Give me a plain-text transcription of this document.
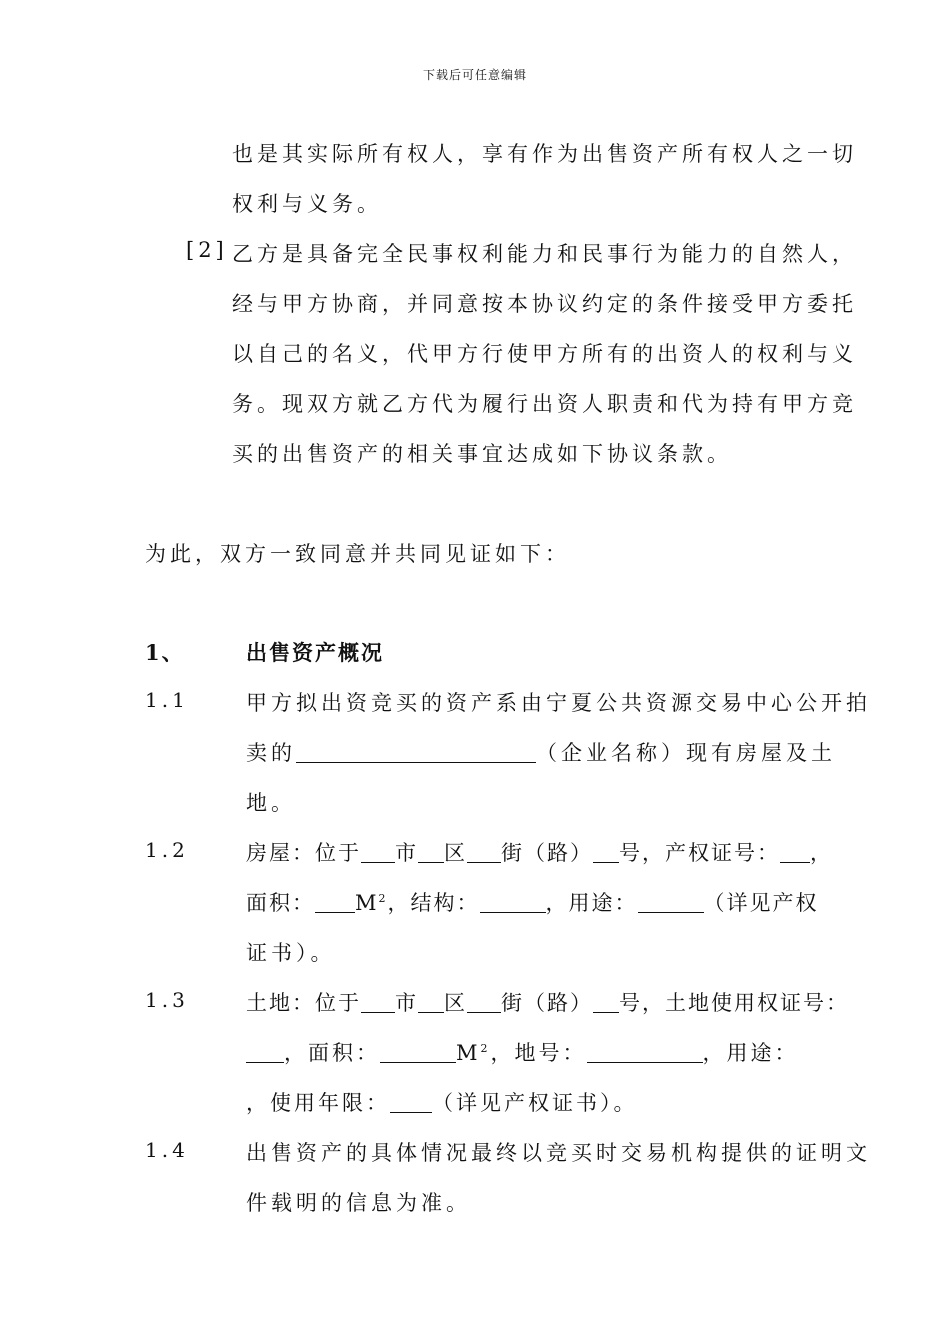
下载后可任意编辑
也是其实际所有权人，享有作为出售资产所有权人之一切
权利与义务。
[2] 乙方是具备完全民事权利能力和民事行为能力的自然人，
经与甲方协商，并同意按本协议约定的条件接受甲方委托
以自己的名义，代甲方行使甲方所有的出资人的权利与义
务。现双方就乙方代为履行出资人职责和代为持有甲方竞
买的出售资产的相关事宜达成如下协议条款。
为此，双方一致同意并共同见证如下：
1、	出售资产概况
1.1	甲方拟出资竞买的资产系由宁夏公共资源交易中心公开拍
卖的	（企业名称）现有房屋及土
地。
1.2	房屋：位于 市 区 街（路） 号，产权证号： ，
面积： $M^2$，结构：	，用途：	（详见产权
证书）。
1.3	土地：位于 市 区 街（路） 号，土地使用权证号：
，面积：	$M^2$，地号：	，用途：
，使用年限： （详见产权证书）。
1.4	出售资产的具体情况最终以竞买时交易机构提供的证明文
件载明的信息为准。
